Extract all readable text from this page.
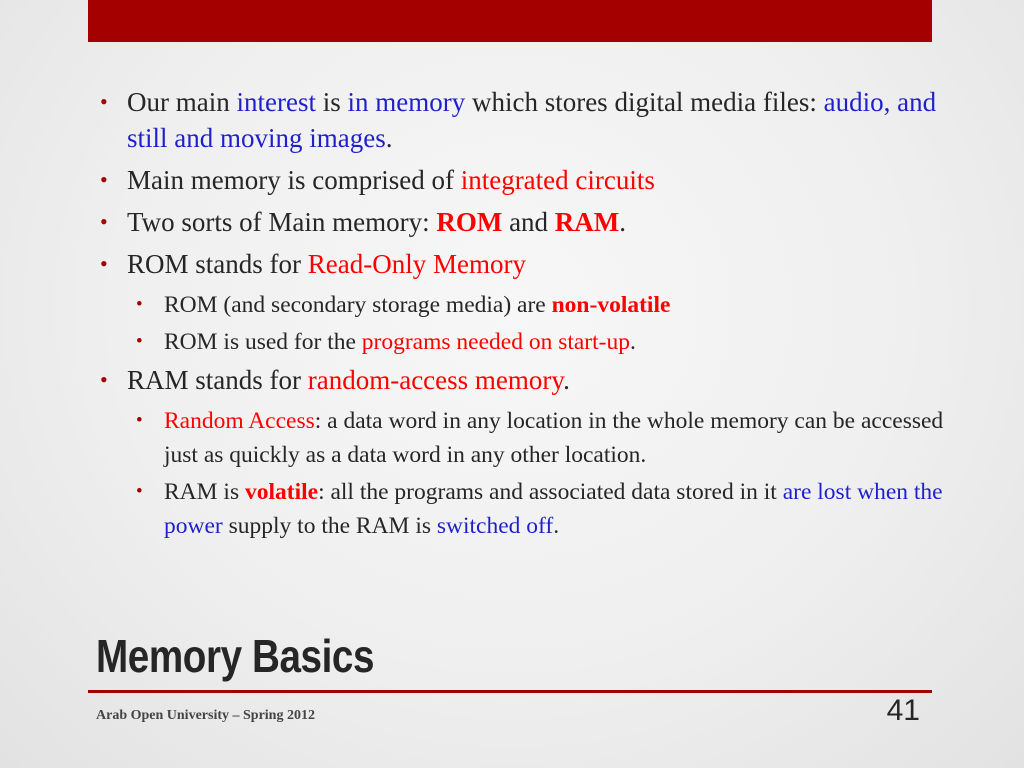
• Our main interest is in memory which stores digital media files: audio, and still and moving images.

• Main memory is comprised of integrated circuits

• Two sorts of Main memory: ROM and RAM.

• ROM stands for Read-Only Memory

• ROM (and secondary storage media) are non-volatile

• ROM is used for the programs needed on start-up.

• RAM stands for random-access memory.

• Random Access: a data word in any location in the whole memory can be accessed just as quickly as a data word in any other location.

• RAM is volatile: all the programs and associated data stored in it are lost when the power supply to the RAM is switched off.

Memory Basics
Arab Open University – Spring 2012	41
